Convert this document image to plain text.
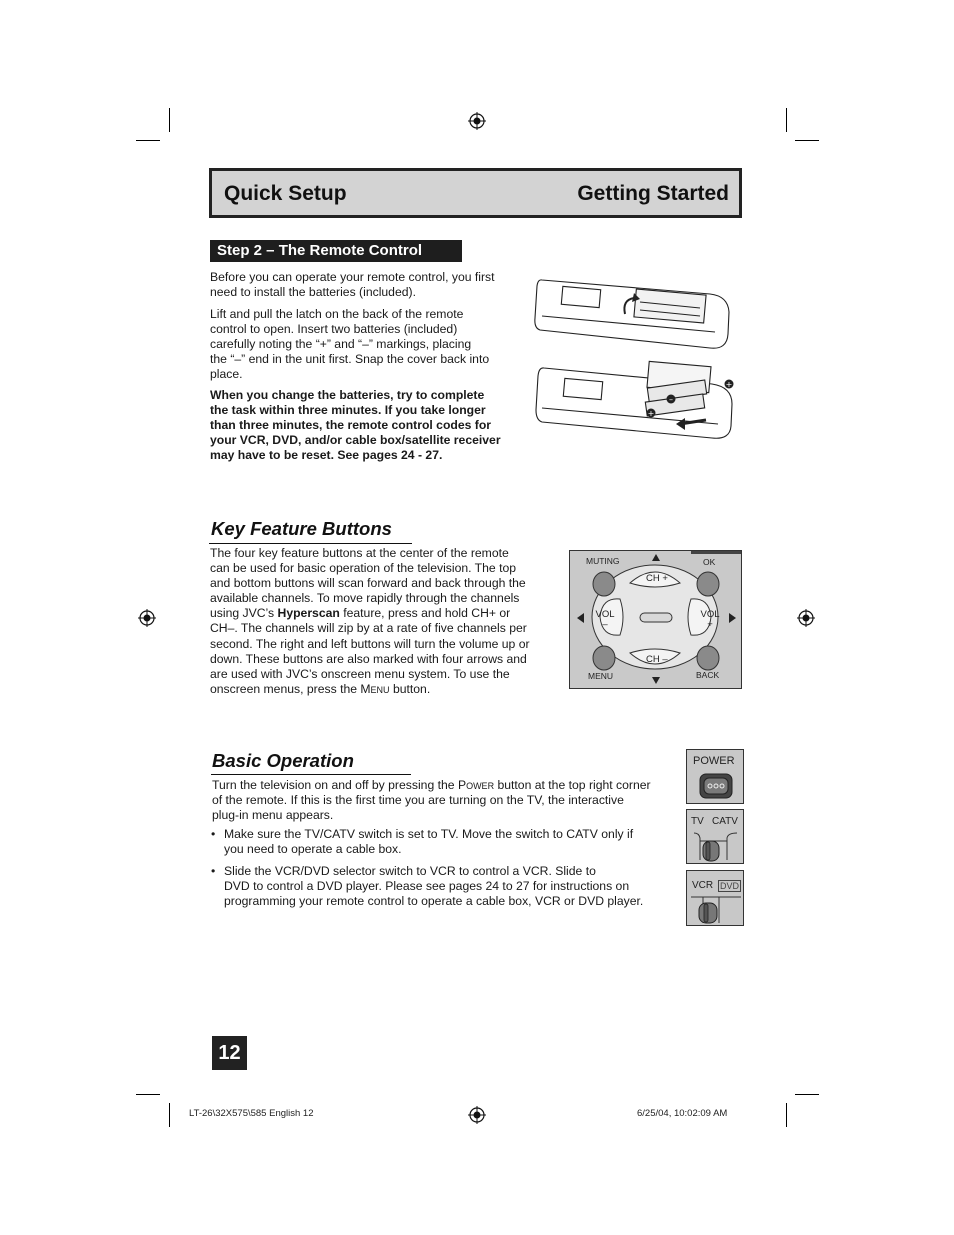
Quick Setup	Getting Started
Step 2 – The Remote Control
Before you can operate your remote control, you first
need to install the batteries (included).
Lift and pull the latch on the back of the remote
control to open. Insert two batteries (included)
carefully noting the “+” and “–” markings, placing
the “–” end in the unit first. Snap the cover back into
place.
When you change the batteries, try to complete
the task within three minutes. If you take longer
than three minutes, the remote control codes for
your VCR, DVD, and/or cable box/satellite receiver
may have to be reset. See pages 24 - 27.
–
+
+
Key Feature Buttons
The four key feature buttons at the center of the remote
can be used for basic operation of the television. The top
and bottom buttons will scan forward and back through the
available channels. To move rapidly through the channels
using JVC’s Hyperscan feature, press and hold CH+ or
CH–. The channels will zip by at a rate of five channels per
second. The right and left buttons will turn the volume up or
down. These buttons are also marked with four arrows and
are used with JVC’s onscreen menu system. To use the
onscreen menus, press the Menu button.
MUTING	OK
CH +
CH –
VOL
–
VOL
+
MENU	BACK
Basic Operation
Turn the television on and off by pressing the Power button at the top right corner
of the remote. If this is the first time you are turning on the TV, the interactive
plug-in menu appears.
• Make sure the TV/CATV switch is set to TV. Move the switch to CATV only if
you need to operate a cable box.
• Slide the VCR/DVD selector switch to VCR to control a VCR. Slide to
DVD to control a DVD player. Please see pages 24 to 27 for instructions on
programming your remote control to operate a cable box, VCR or DVD player.
POWER
TV CATV
VCR DVD
12
LT-26\32X575\585 English 12	6/25/04, 10:02:09 AM
